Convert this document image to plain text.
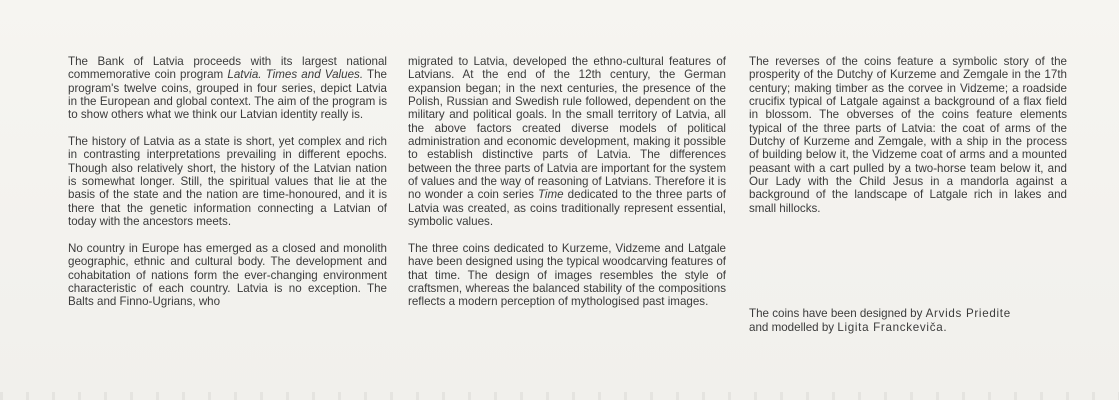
The Bank of Latvia proceeds with its largest national commemorative coin program Latvia. Times and Values. The program's twelve coins, grouped in four series, depict Latvia in the European and global context. The aim of the program is to show others what we think our Latvian identity really is.

The history of Latvia as a state is short, yet complex and rich in contrasting interpretations prevailing in different epochs. Though also relatively short, the history of the Latvian nation is somewhat longer. Still, the spiritual values that lie at the basis of the state and the nation are time-honoured, and it is there that the genetic information connecting a Latvian of today with the ancestors meets.

No country in Europe has emerged as a closed and monolith geographic, ethnic and cultural body. The development and cohabitation of nations form the ever-changing environment characteristic of each country. Latvia is no exception. The Balts and Finno-Ugrians, who

migrated to Latvia, developed the ethno-cultural features of Latvians. At the end of the 12th century, the German expansion began; in the next centuries, the presence of the Polish, Russian and Swedish rule followed, dependent on the military and political goals. In the small territory of Latvia, all the above factors created diverse models of political administration and economic development, making it possible to establish distinctive parts of Latvia. The differences between the three parts of Latvia are important for the system of values and the way of reasoning of Latvians. Therefore it is no wonder a coin series Time dedicated to the three parts of Latvia was created, as coins traditionally represent essential, symbolic values.

The three coins dedicated to Kurzeme, Vidzeme and Latgale have been designed using the typical woodcarving features of that time. The design of images resembles the style of craftsmen, whereas the balanced stability of the compositions reflects a modern perception of mythologised past images.

The reverses of the coins feature a symbolic story of the prosperity of the Dutchy of Kurzeme and Zemgale in the 17th century; making timber as the corvee in Vidzeme; a roadside crucifix typical of Latgale against a background of a flax field in blossom. The obverses of the coins feature elements typical of the three parts of Latvia: the coat of arms of the Dutchy of Kurzeme and Zemgale, with a ship in the process of building below it, the Vidzeme coat of arms and a mounted peasant with a cart pulled by a two-horse team below it, and Our Lady with the Child Jesus in a mandorla against a background of the landscape of Latgale rich in lakes and small hillocks.

The coins have been designed by Arvids Priedite
and modelled by Ligita Franckeviča.
